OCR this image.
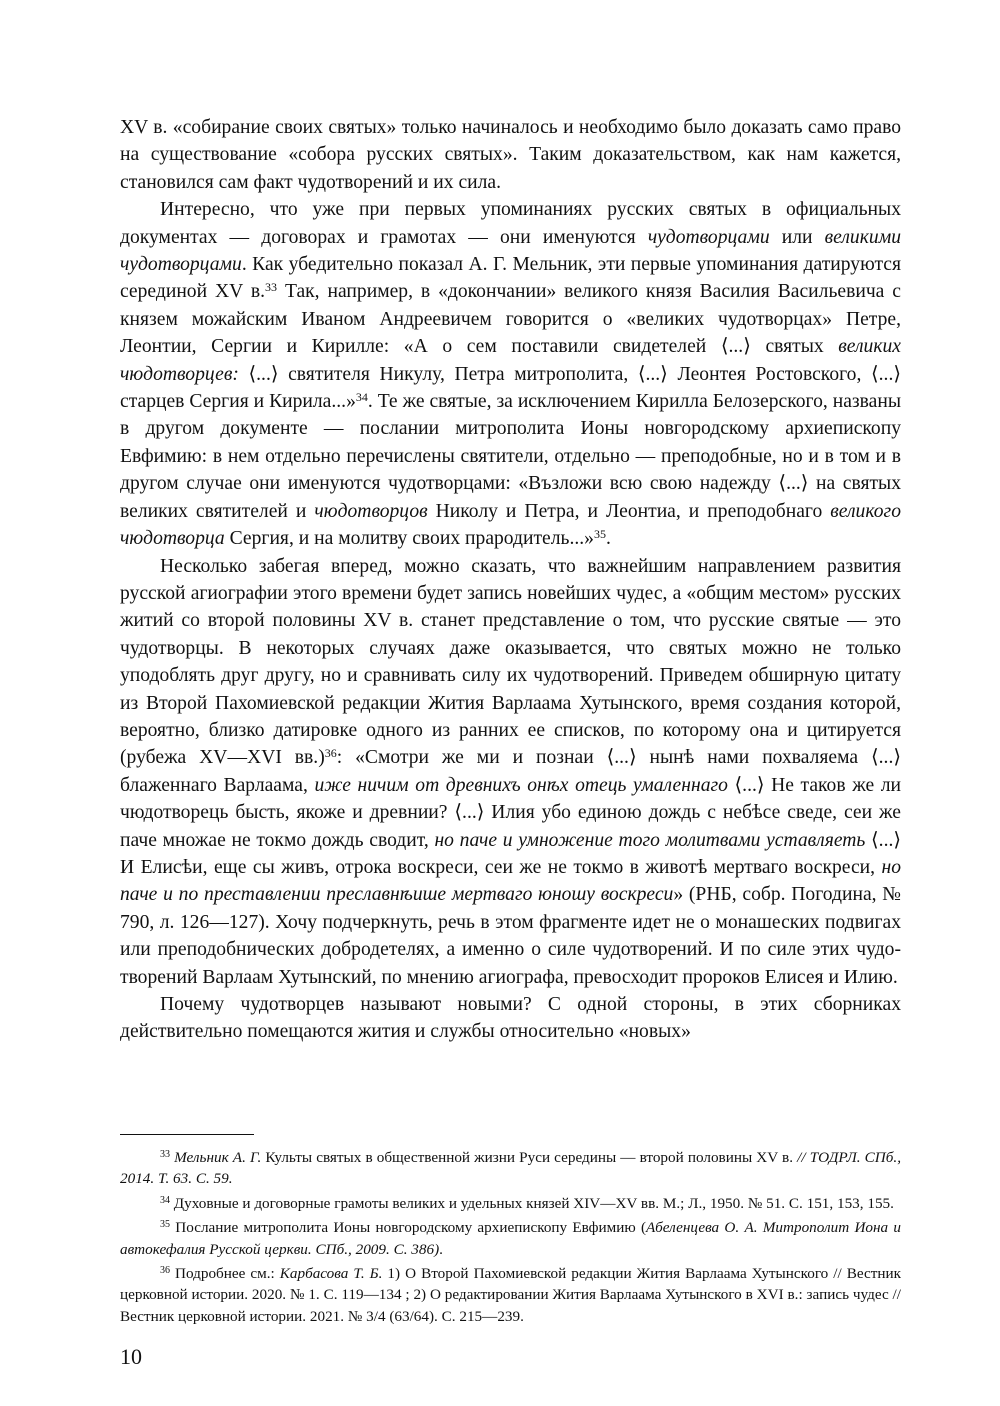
XV в. «собирание своих святых» только начиналось и необходимо было доказать само право на существование «собора русских святых». Таким доказательством, как нам кажется, становился сам факт чудотворений и их сила.

Интересно, что уже при первых упоминаниях русских святых в официальных документах — договорах и грамотах — они именуются чудотворцами или великими чудотворцами. Как убедительно показал А. Г. Мельник, эти первые упоминания датируются серединой XV в.$^{33}$ Так, например, в «докончании» великого князя Василия Васильевича с князем можайским Иваном Андреевичем говорится о «великих чудотворцах» Петре, Леонтии, Сергии и Кирилле: «А о сем поставили свидетелей ⟨...⟩ святых великих чюдотворцев: ⟨...⟩ святителя Никулу, Петра митрополита, ⟨...⟩ Леонтея Ростовского, ⟨...⟩ старцев Сергия и Кирила...»$^{34}$. Те же святые, за исключением Кирилла Белозерского, названы в другом документе — послании митрополита Ионы новгородскому архиепископу Евфимию: в нем отдельно перечислены святители, отдельно — преподобные, но и в том и в другом случае они именуются чудотворцами: «Възложи всю свою надежду ⟨...⟩ на святых великих святителей и чюдотворцов Николу и Петра, и Леонтиа, и преподобнаго великого чюдотворца Сергия, и на молитву своих прародитель...»$^{35}$.

Несколько забегая вперед, можно сказать, что важнейшим направлением развития русской агиографии этого времени будет запись новейших чудес, а «общим местом» русских житий со второй половины XV в. станет представление о том, что русские святые — это чудотворцы. В некоторых случаях даже оказывается, что святых можно не только уподоблять друг другу, но и сравнивать силу их чудотворений. Приведем обширную цитату из Второй Пахомиевской редакции Жития Варлаама Хутынского, время создания которой, вероятно, близко датировке одного из ранних ее списков, по которому она и цитируется (рубежа XV—XVI вв.)$^{36}$: «Смотри же ми и познаи ⟨...⟩ нынѣ нами похваляема ⟨...⟩ блаженнаго Варлаама, иже ничим от древнихъ онѣх отець умаленнаго ⟨...⟩ Не таков же ли чюдотворець бысть, якоже и древнии? ⟨...⟩ Илия убо единою дождь с небѣсе сведе, сеи же паче множае не токмо дождь сводит, но паче и умножение того молитвами уставляеть ⟨...⟩ И Елисѣи, еще сы живъ, отрока воскреси, сеи же не токмо в животѣ мертваго воскреси, но паче и по преставлении преславнѣише мертваго юношу воскреси» (РНБ, собр. Погодина, № 790, л. 126—127). Хочу подчеркнуть, речь в этом фрагменте идет не о монашеских подвигах или преподобнических добродетелях, а именно о силе чудотворений. И по силе этих чудотворений Варлаам Хутынский, по мнению агиографа, превосходит пророков Елисея и Илию.

Почему чудотворцев называют новыми? С одной стороны, в этих сборниках действительно помещаются жития и службы относительно «новых»

$^{33}$ Мельник А. Г. Культы святых в общественной жизни Руси середины — второй половины XV в. // ТОДРЛ. СПб., 2014. Т. 63. С. 59.

$^{34}$ Духовные и договорные грамоты великих и удельных князей XIV—XV вв. М.; Л., 1950. № 51. С. 151, 153, 155.

$^{35}$ Послание митрополита Ионы новгородскому архиепископу Евфимию (Абеленцева О. А. Митрополит Иона и автокефалия Русской церкви. СПб., 2009. С. 386).

$^{36}$ Подробнее см.: Карбасова Т. Б. 1) О Второй Пахомиевской редакции Жития Варлаама Хутынского // Вестник церковной истории. 2020. № 1. С. 119—134 ; 2) О редактировании Жития Варлаама Хутынского в XVI в.: запись чудес // Вестник церковной истории. 2021. № 3/4 (63/64). С. 215—239.

10
